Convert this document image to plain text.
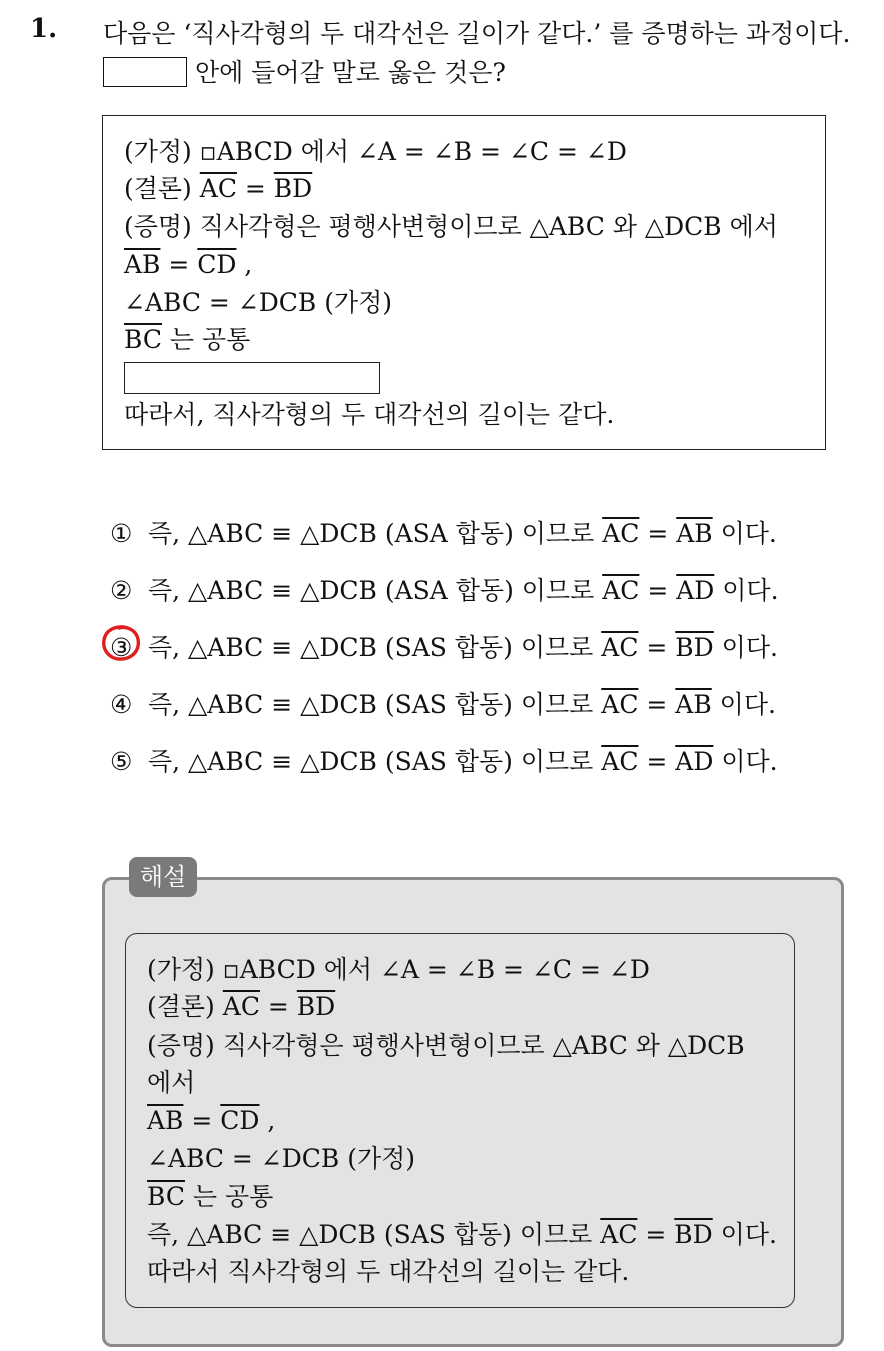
1. 다음은 ‘직사각형의 두 대각선은 길이가 같다.’ 를 증명하는 과정이다.
안에 들어갈 말로 옳은 것은?
(가정) ▫ABCD 에서 ∠A = ∠B = ∠C = ∠D
(결론) $\overline{AC} = \overline{BD}$
(증명) 직사각형은 평행사변형이므로 △ABC 와 △DCB 에서
$\overline{AB} = \overline{CD}$ ,
∠ABC = ∠DCB (가정)
$\overline{BC}$ 는 공통
따라서, 직사각형의 두 대각선의 길이는 같다.
① 즉, △ABC ≡ △DCB (ASA 합동) 이므로 $\overline{AC} = \overline{AB}$ 이다.
② 즉, △ABC ≡ △DCB (ASA 합동) 이므로 $\overline{AC} = \overline{AD}$ 이다.
③ 즉, △ABC ≡ △DCB (SAS 합동) 이므로 $\overline{AC} = \overline{BD}$ 이다.
④ 즉, △ABC ≡ △DCB (SAS 합동) 이므로 $\overline{AC} = \overline{AB}$ 이다.
⑤ 즉, △ABC ≡ △DCB (SAS 합동) 이므로 $\overline{AC} = \overline{AD}$ 이다.
해설
(가정) ▫ABCD 에서 ∠A = ∠B = ∠C = ∠D
(결론) $\overline{AC} = \overline{BD}$
(증명) 직사각형은 평행사변형이므로 △ABC 와 △DCB
에서
$\overline{AB} = \overline{CD}$ ,
∠ABC = ∠DCB (가정)
$\overline{BC}$ 는 공통
즉, △ABC ≡ △DCB (SAS 합동) 이므로 $\overline{AC} = \overline{BD}$ 이다.
따라서 직사각형의 두 대각선의 길이는 같다.
